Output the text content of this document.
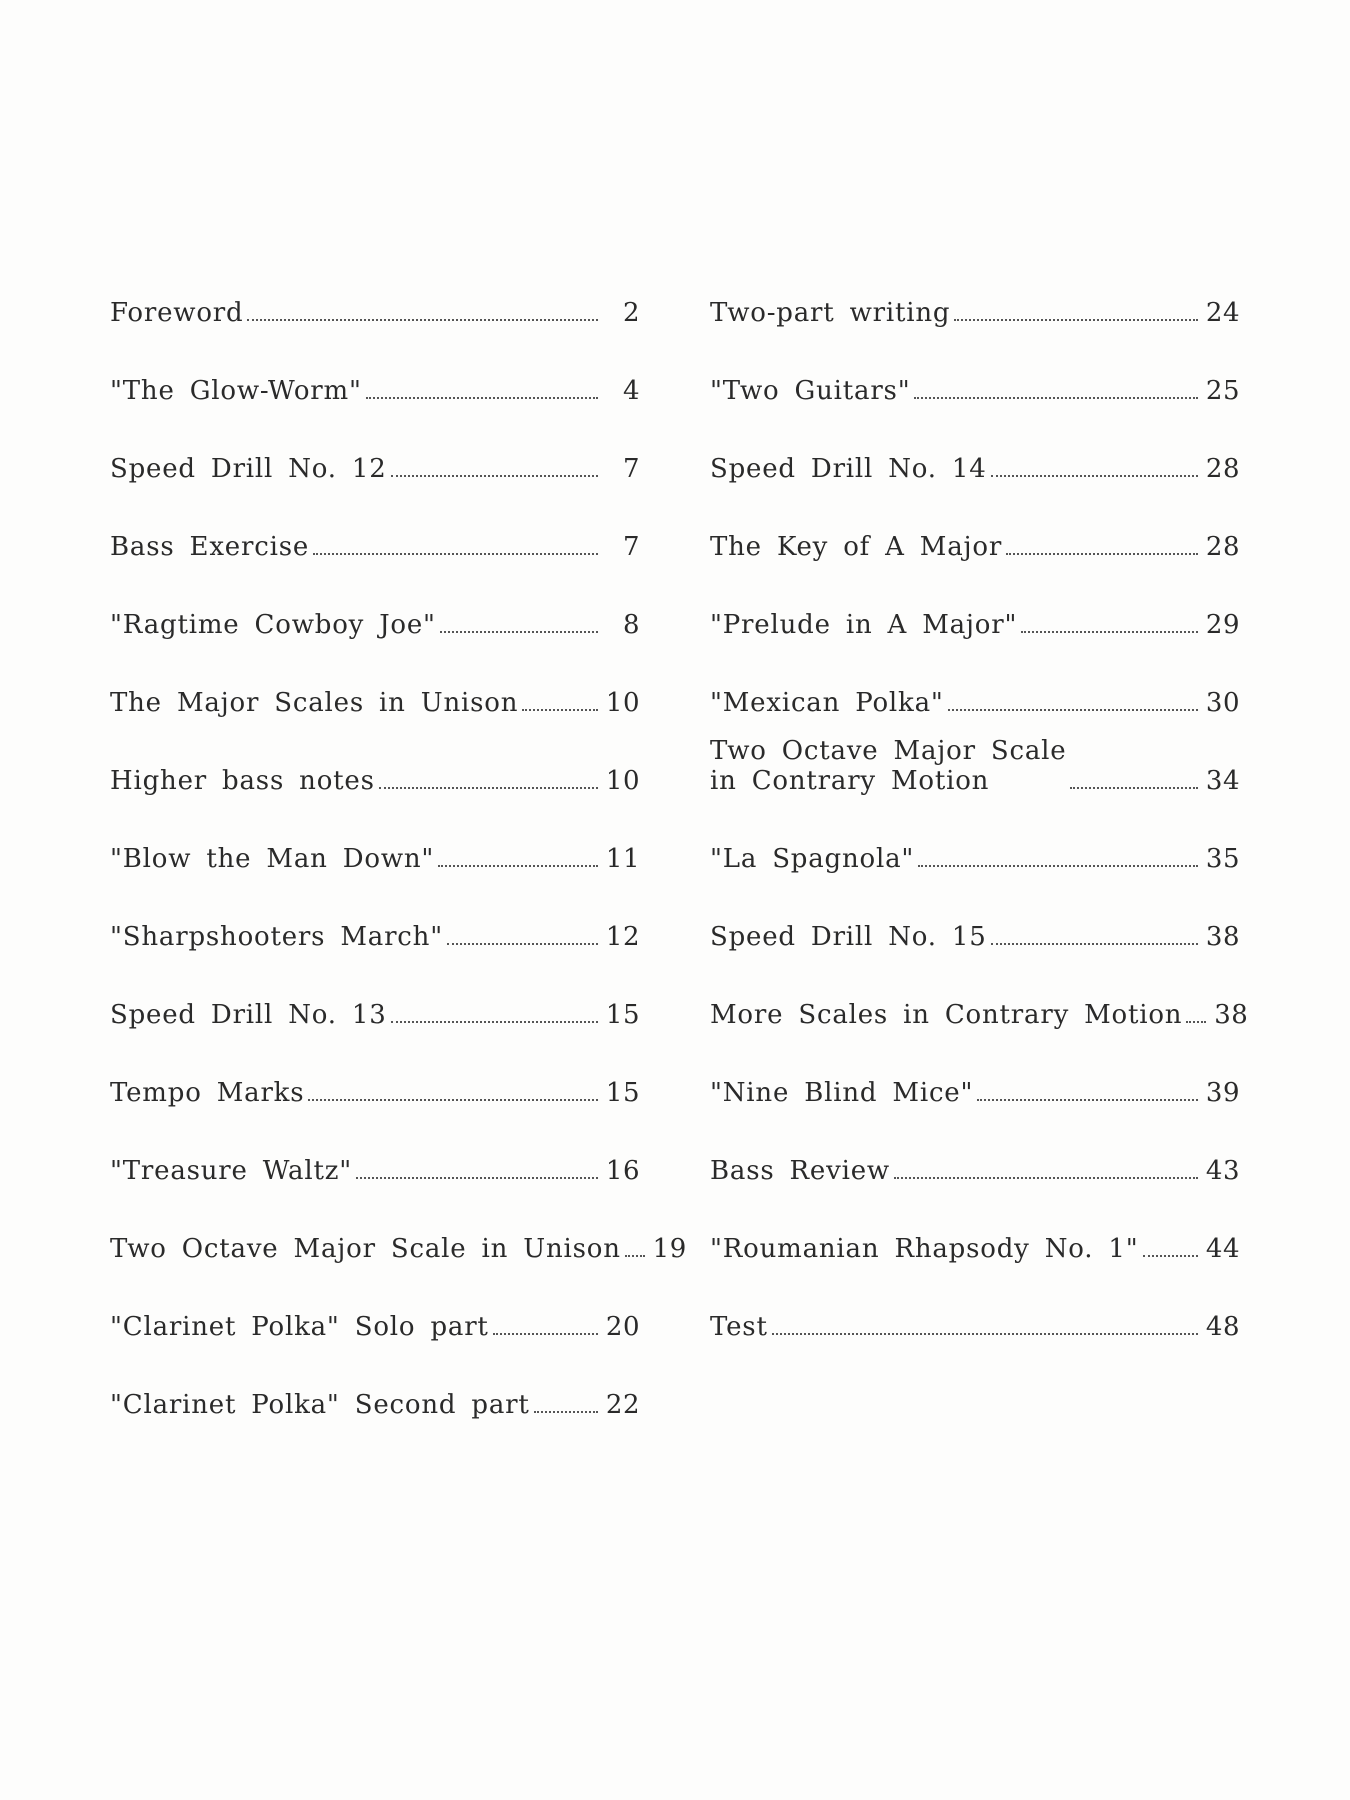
Foreword	2
"The Glow-Worm"	4
Speed Drill No. 12	7
Bass Exercise	7
"Ragtime Cowboy Joe"	8
The Major Scales in Unison	10
Higher bass notes	10
"Blow the Man Down"	11
"Sharpshooters March"	12
Speed Drill No. 13	15
Tempo Marks	15
"Treasure Waltz"	16
Two Octave Major Scale in Unison 19
"Clarinet Polka" Solo part	20
"Clarinet Polka" Second part	22
Two-part writing	24
"Two Guitars"	25
Speed Drill No. 14	28
The Key of A Major	28
"Prelude in A Major"	29
"Mexican Polka"	30
Two Octave Major Scale
in Contrary Motion	34
"La Spagnola"	35
Speed Drill No. 15	38
More Scales in Contrary Motion 38
"Nine Blind Mice"	39
Bass Review	43
"Roumanian Rhapsody No. 1"	44
Test	48
